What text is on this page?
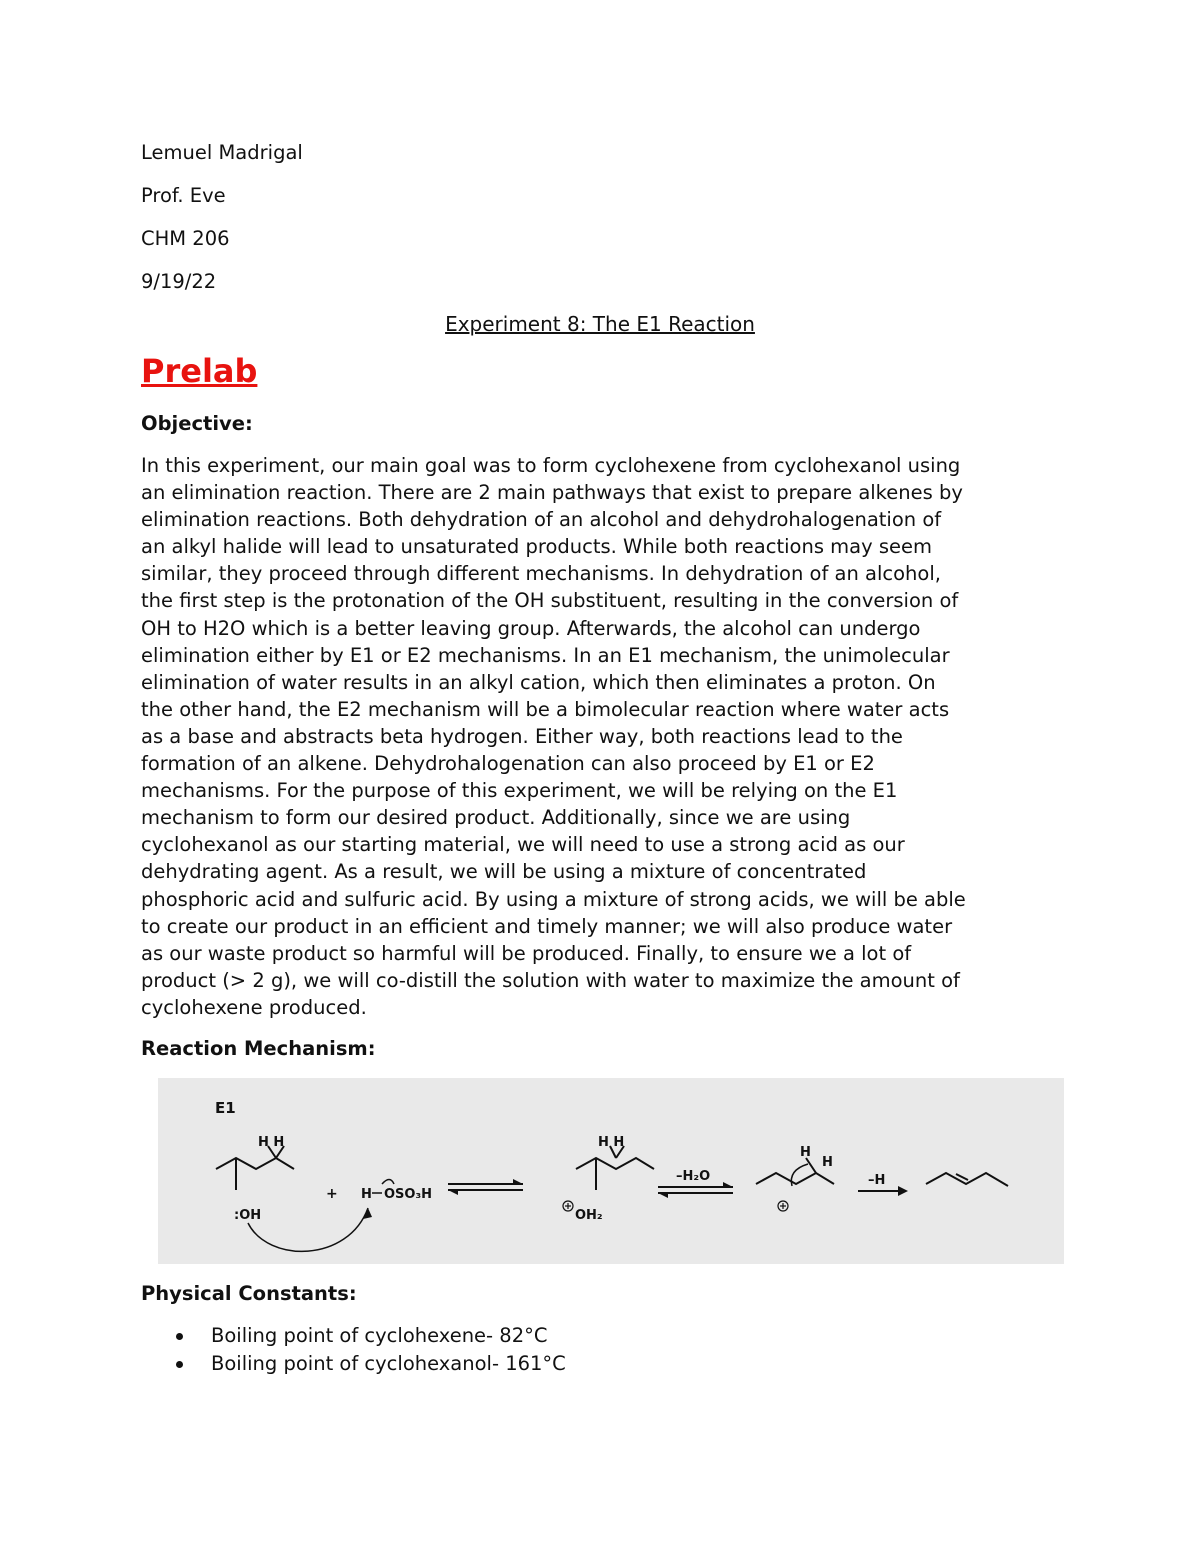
Lemuel Madrigal
Prof. Eve
CHM 206
9/19/22
Experiment 8: The E1 Reaction
Prelab
Objective:
In this experiment, our main goal was to form cyclohexene from cyclohexanol using
an elimination reaction. There are 2 main pathways that exist to prepare alkenes by
elimination reactions. Both dehydration of an alcohol and dehydrohalogenation of
an alkyl halide will lead to unsaturated products. While both reactions may seem
similar, they proceed through different mechanisms. In dehydration of an alcohol,
the first step is the protonation of the OH substituent, resulting in the conversion of
OH to H2O which is a better leaving group. Afterwards, the alcohol can undergo
elimination either by E1 or E2 mechanisms. In an E1 mechanism, the unimolecular
elimination of water results in an alkyl cation, which then eliminates a proton. On
the other hand, the E2 mechanism will be a bimolecular reaction where water acts
as a base and abstracts beta hydrogen. Either way, both reactions lead to the
formation of an alkene. Dehydrohalogenation can also proceed by E1 or E2
mechanisms. For the purpose of this experiment, we will be relying on the E1
mechanism to form our desired product. Additionally, since we are using
cyclohexanol as our starting material, we will need to use a strong acid as our
dehydrating agent. As a result, we will be using a mixture of concentrated
phosphoric acid and sulfuric acid. By using a mixture of strong acids, we will be able
to create our product in an efficient and timely manner; we will also produce water
as our waste product so harmful will be produced. Finally, to ensure we a lot of
product (> 2 g), we will co-distill the solution with water to maximize the amount of
cyclohexene produced.
Reaction Mechanism:
E1
H H
:OH
+ H OSO₃H
H H
OH₂
–H₂O
H
H
–H
Physical Constants:
Boiling point of cyclohexene- 82°C
Boiling point of cyclohexanol- 161°C
